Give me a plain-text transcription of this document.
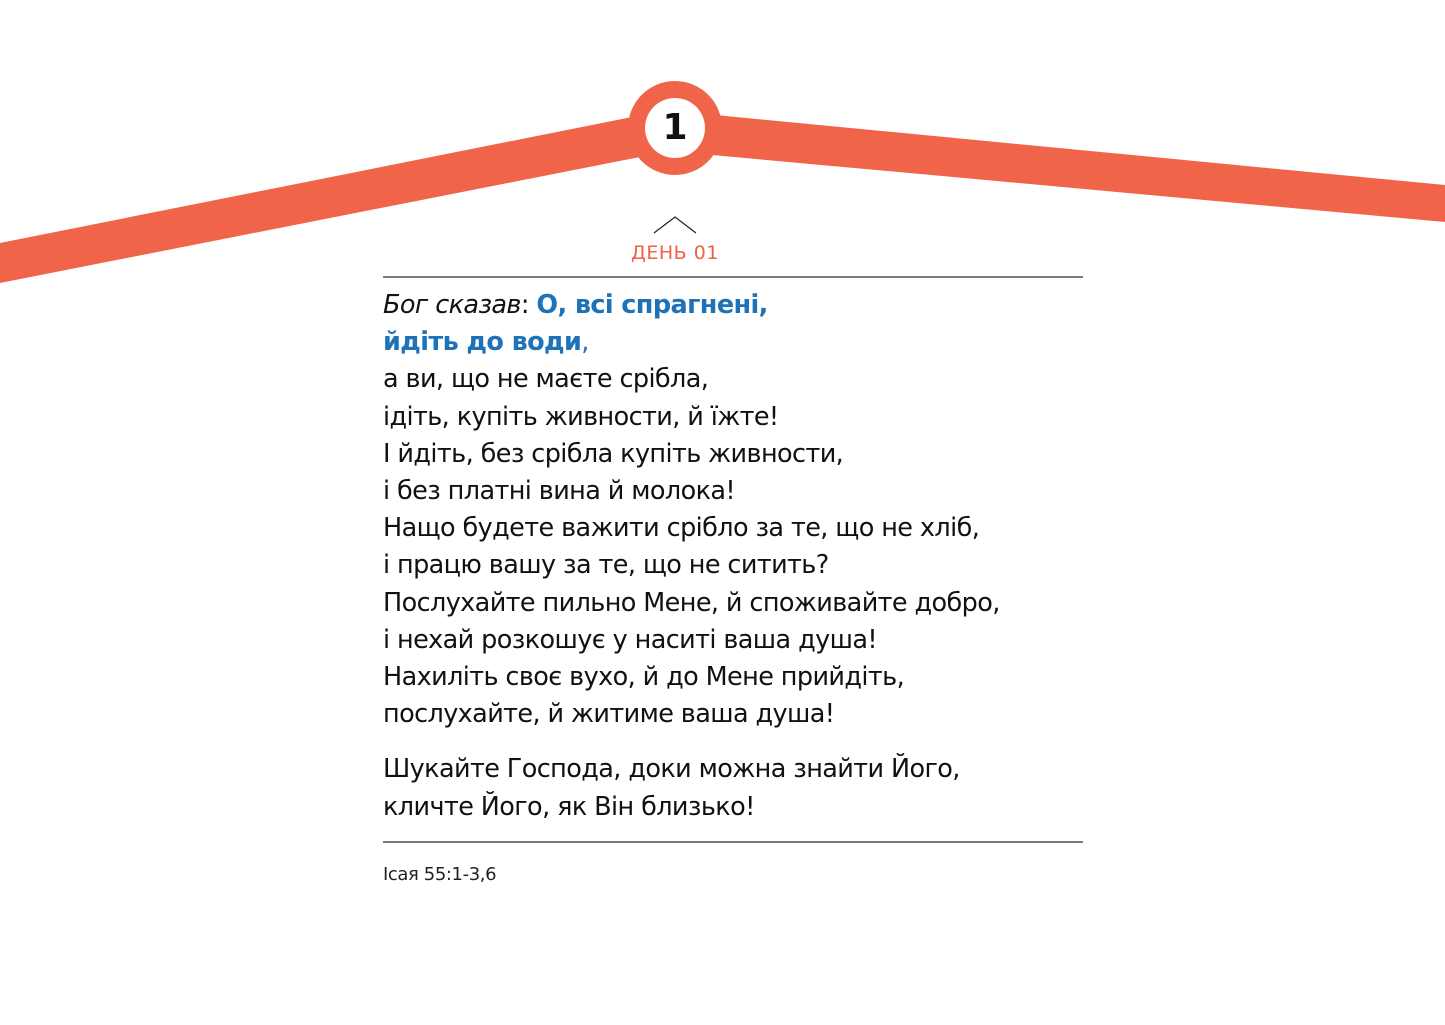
1
ДЕНЬ 01
Бог сказав: О, всі спрагнені,
йдіть до води,
а ви, що не маєте срібла,
ідіть, купіть живности, й їжте!
І йдіть, без срібла купіть живности,
і без платні вина й молока!
Нащо будете важити срібло за те, що не хліб,
і працю вашу за те, що не ситить?
Послухайте пильно Мене, й споживайте добро,
і нехай розкошує у наситі ваша душа!
Нахиліть своє вухо, й до Мене прийдіть,
послухайте, й житиме ваша душа!
Шукайте Господа, доки можна знайти Його,
кличте Його, як Він близько!
Ісая 55:1-3,6
